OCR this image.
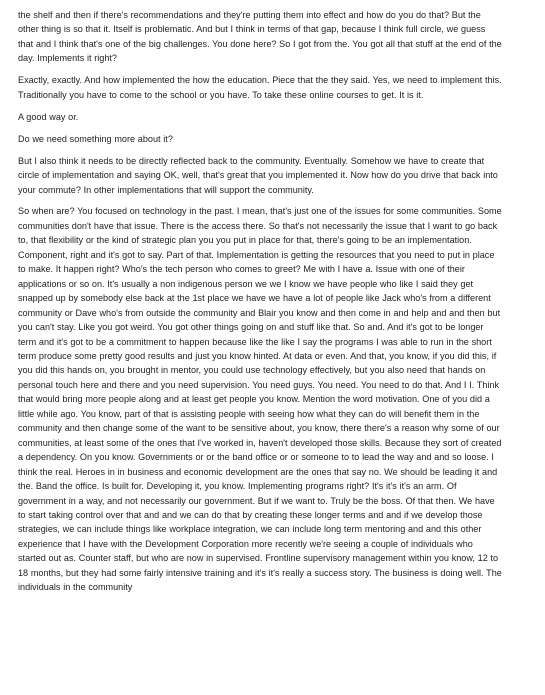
the shelf and then if there's recommendations and they're putting them into effect and how do you do that? But the other thing is so that it. Itself is problematic. And but I think in terms of that gap, because I think full circle, we guess that and I think that's one of the big challenges. You done here? So I got from the. You got all that stuff at the end of the day. Implements it right?

Exactly, exactly. And how implemented the how the education. Piece that the they said. Yes, we need to implement this. Traditionally you have to come to the school or you have. To take these online courses to get. It is it.

A good way or.

Do we need something more about it?

But I also think it needs to be directly reflected back to the community. Eventually. Somehow we have to create that circle of implementation and saying OK, well, that's great that you implemented it. Now how do you drive that back into your commute? In other implementations that will support the community.

So when are? You focused on technology in the past. I mean, that's just one of the issues for some communities. Some communities don't have that issue. There is the access there. So that's not necessarily the issue that I want to go back to, that flexibility or the kind of strategic plan you you put in place for that, there's going to be an implementation. Component, right and it's got to say. Part of that. Implementation is getting the resources that you need to put in place to make. It happen right? Who's the tech person who comes to greet? Me with I have a. Issue with one of their applications or so on. It's usually a non indigenous person we we I know we have people who like I said they get snapped up by somebody else back at the 1st place we have we have a lot of people like Jack who's from a different community or Dave who's from outside the community and Blair you know and then come in and help and and then but you can't stay. Like you got weird. You got other things going on and stuff like that. So and. And it's got to be longer term and it's got to be a commitment to happen because like the like I say the programs I was able to run in the short term produce some pretty good results and just you know hinted. At data or even. And that, you know, if you did this, if you did this hands on, you brought in mentor, you could use technology effectively, but you also need that hands on personal touch here and there and you need supervision. You need guys. You need. You need to do that. And I I. Think that would bring more people along and at least get people you know. Mention the word motivation. One of you did a little while ago. You know, part of that is assisting people with seeing how what they can do will benefit them in the community and then change some of the want to be sensitive about, you know, there there's a reason why some of our communities, at least some of the ones that I've worked in, haven't developed those skills. Because they sort of created a dependency. On you know. Governments or or the band office or or someone to to lead the way and and so loose. I think the real. Heroes in in business and economic development are the ones that say no. We should be leading it and the. Band the office. Is built for. Developing it, you know. Implementing programs right? It's it's it's an arm. Of government in a way, and not necessarily our government. But if we want to. Truly be the boss. Of that then. We have to start taking control over that and and we can do that by creating these longer terms and and if we develop those strategies, we can include things like workplace integration, we can include long term mentoring and and this other experience that I have with the Development Corporation more recently we're seeing a couple of individuals who started out as. Counter staff, but who are now in supervised. Frontline supervisory management within you know, 12 to 18 months, but they had some fairly intensive training and it's it's really a success story. The business is doing well. The individuals in the community
